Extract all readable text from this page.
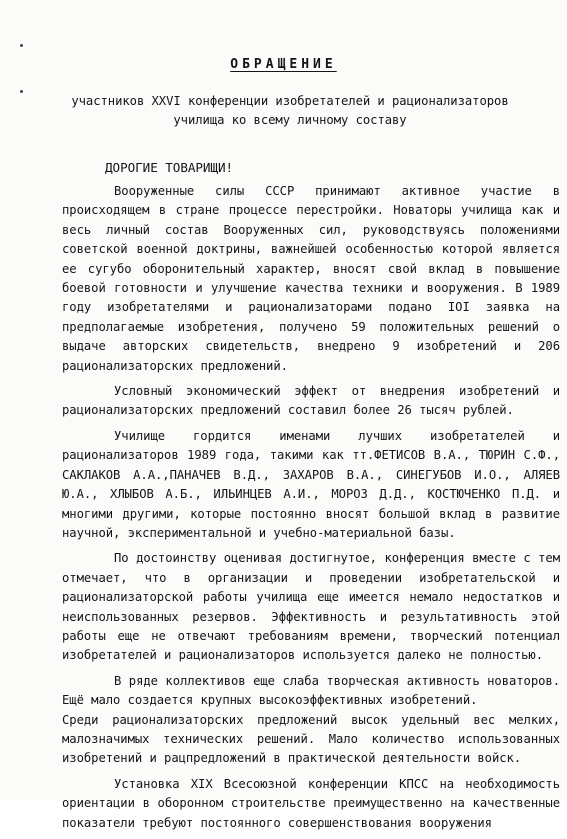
ОБРАЩЕНИЕ
участников XXVI конференции изобретателей и рационализаторов
училища ко всему личному составу
ДОРОГИЕ ТОВАРИЩИ!

Вооруженные силы СССР принимают активное участие в происходящем в стране процессе перестройки. Новаторы училища как и весь личный состав Вооруженных сил, руководствуясь положениями советской военной доктрины, важнейшей особенностью которой является ее сугубо оборонительный характер, вносят свой вклад в повышение боевой готовности и улучшение качества техники и вооружения. В 1989 году изобретателями и рационализаторами подано IOI заявка на предполагаемые изобретения, получено 59 положительных решений о выдаче авторских свидетельств, внедрено 9 изобретений и 206 рационализаторских предложений.

Условный экономический эффект от внедрения изобретений и рационализаторских предложений составил более 26 тысяч рублей.

Училище гордится именами лучших изобретателей и рационализаторов 1989 года, такими как тт.ФЕТИСОВ В.А., ТЮРИН С.Ф., САКЛАКОВ А.А.,ПАНАЧЕВ В.Д., ЗАХАРОВ В.А., СИНЕГУБОВ И.О., АЛЯЕВ Ю.А., ХЛЫБОВ А.Б., ИЛЬИНЦЕВ А.И., МОРОЗ Д.Д., КОСТЮЧЕНКО П.Д. и многими другими, которые постоянно вносят большой вклад в развитие научной, экспериментальной и учебно-материальной базы.

По достоинству оценивая достигнутое, конференция вместе с тем отмечает, что в организации и проведении изобретательской и рационализаторской работы училища еще имеется немало недостатков и неиспользованных резервов. Эффективность и результативность этой работы еще не отвечают требованиям времени, творческий потенциал изобретателей и рационализаторов используется далеко не полностью.

В ряде коллективов еще слаба творческая активность новаторов. Ещё мало создается крупных высокоэффективных изобретений.

Среди рационализаторских предложений высок удельный вес мелких, малозначимых технических решений. Мало количество использованных изобретений и рацпредложений в практической деятельности войск.

Установка XIX Всесоюзной конференции КПСС на необходимость ориентации в оборонном строительстве преимущественно на качественные показатели требуют постоянного совершенствования вооружения
